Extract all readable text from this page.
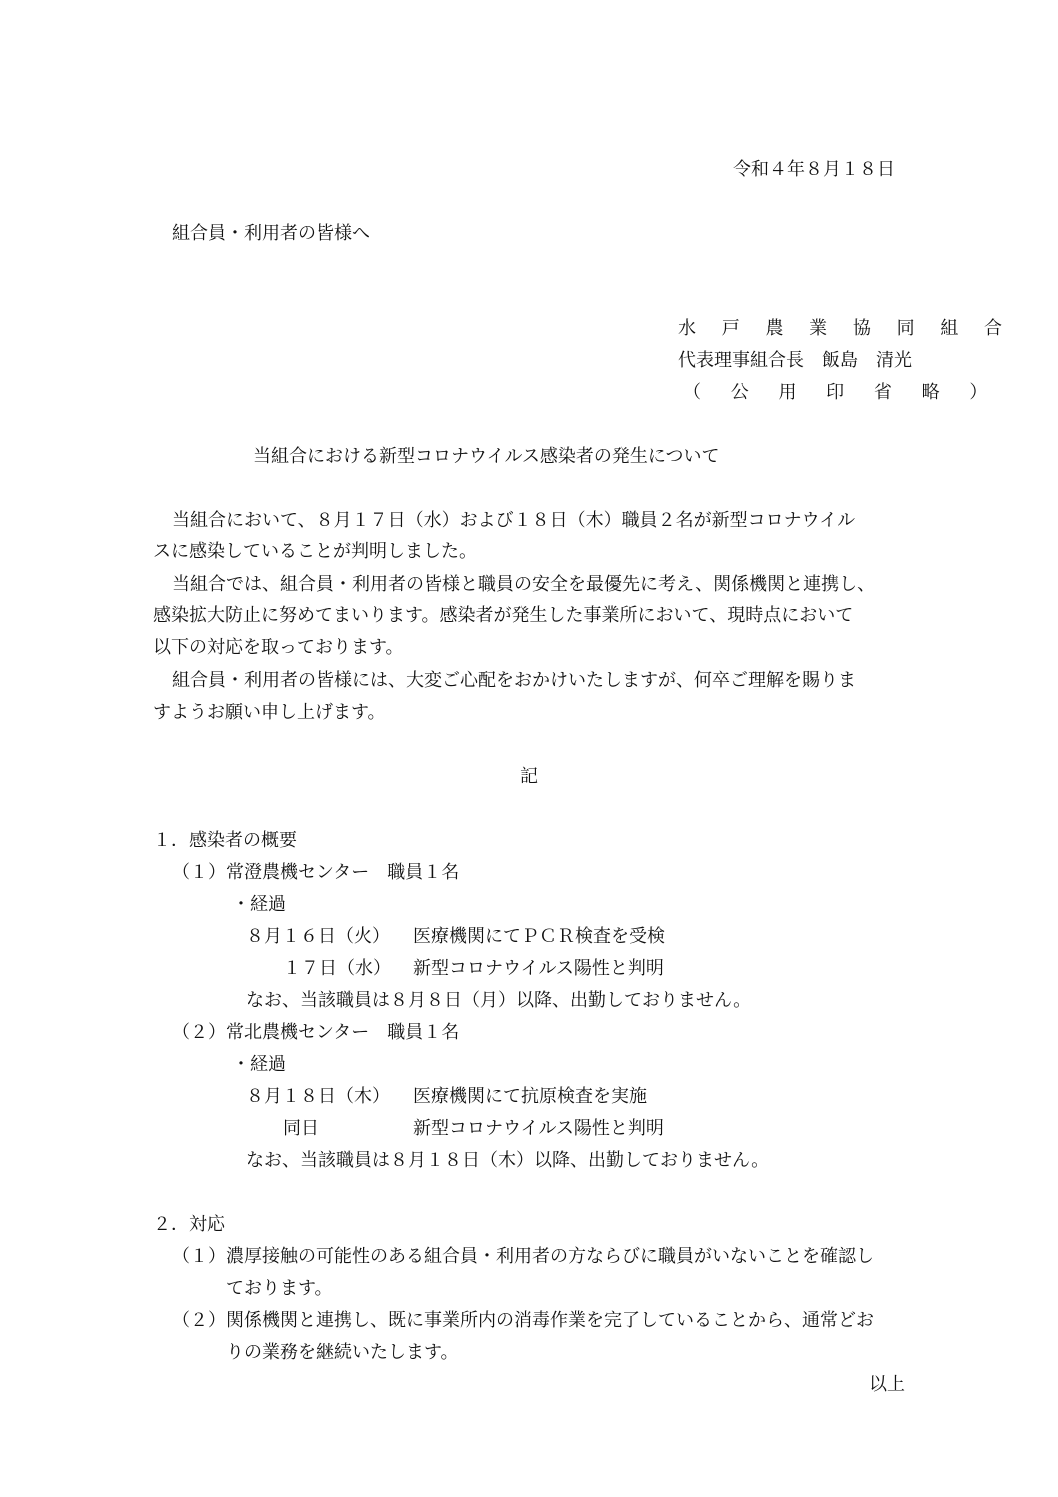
令和４年８月１８日
組合員・利用者の皆様へ
水 戸 農 業 協 同 組 合
代表理事組合長　飯島　清光
（ 公 用 印 省 略 ）
当組合における新型コロナウイルス感染者の発生について
当組合において、８月１７日（水）および１８日（木）職員２名が新型コロナウイル
スに感染していることが判明しました。
当組合では、組合員・利用者の皆様と職員の安全を最優先に考え、関係機関と連携し、
感染拡大防止に努めてまいります。感染者が発生した事業所において、現時点において
以下の対応を取っております。
組合員・利用者の皆様には、大変ご心配をおかけいたしますが、何卒ご理解を賜りま
すようお願い申し上げます。
記
１．感染者の概要
（１）常澄農機センター　職員１名
・経過
８月１６日（火） 医療機関にてＰＣＲ検査を受検
１７日（水） 新型コロナウイルス陽性と判明
なお、当該職員は８月８日（月）以降、出勤しておりません。
（２）常北農機センター　職員１名
・経過
８月１８日（木） 医療機関にて抗原検査を実施
同日	新型コロナウイルス陽性と判明
なお、当該職員は８月１８日（木）以降、出勤しておりません。
２．対応
（１）濃厚接触の可能性のある組合員・利用者の方ならびに職員がいないことを確認し
ております。
（２）関係機関と連携し、既に事業所内の消毒作業を完了していることから、通常どお
りの業務を継続いたします。
以上
